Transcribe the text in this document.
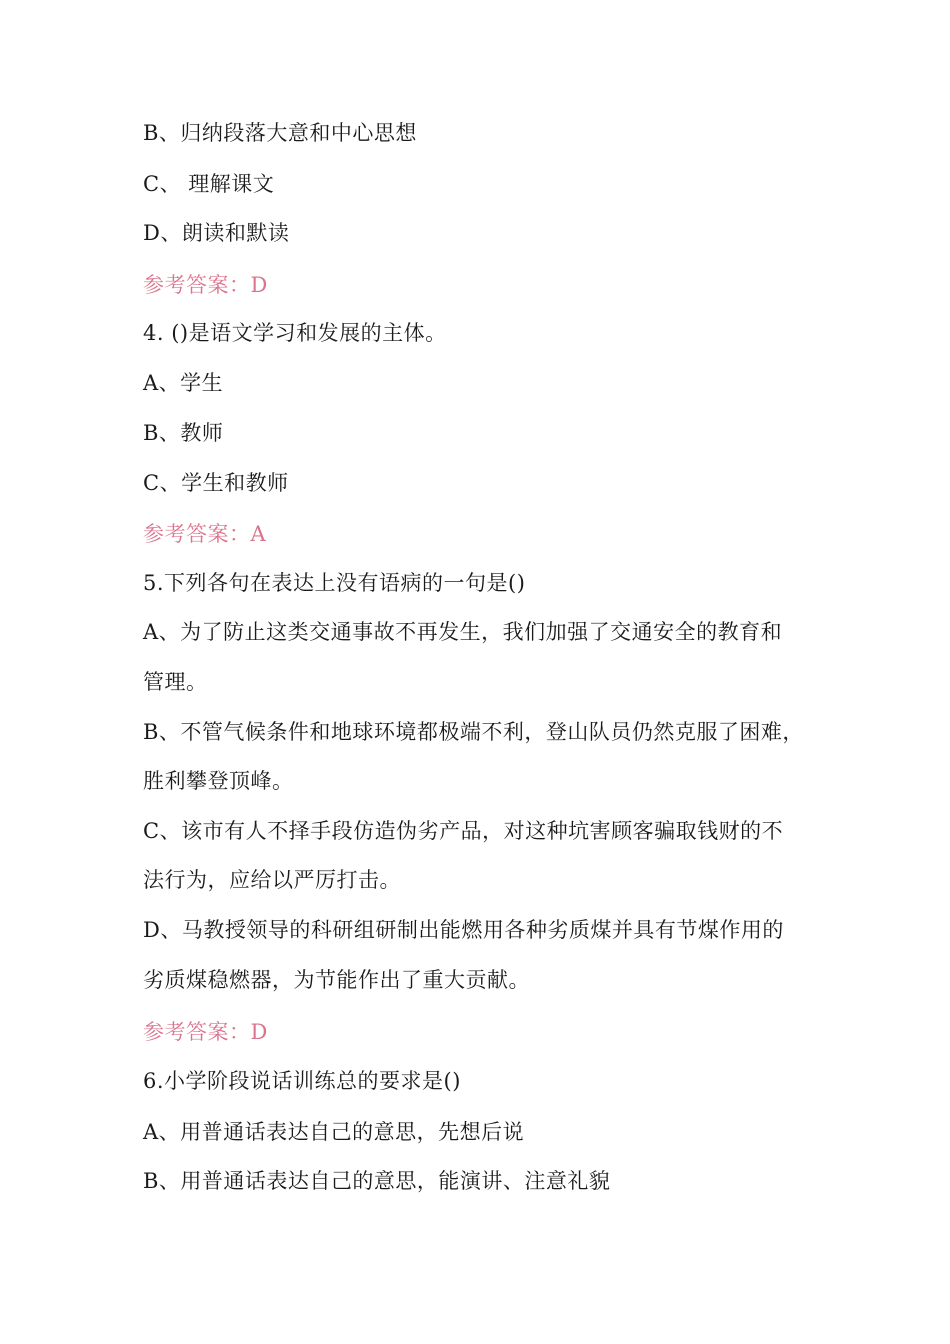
B、归纳段落大意和中心思想
C、 理解课文
D、朗读和默读
参考答案：D
4. ()是语文学习和发展的主体。
A、学生
B、教师
C、学生和教师
参考答案：A
5.下列各句在表达上没有语病的一句是()
A、为了防止这类交通事故不再发生，我们加强了交通安全的教育和
管理。
B、不管气候条件和地球环境都极端不利，登山队员仍然克服了困难，
胜利攀登顶峰。
C、该市有人不择手段仿造伪劣产品，对这种坑害顾客骗取钱财的不
法行为，应给以严厉打击。
D、马教授领导的科研组研制出能燃用各种劣质煤并具有节煤作用的
劣质煤稳燃器，为节能作出了重大贡献。
参考答案：D
6.小学阶段说话训练总的要求是()
A、用普通话表达自己的意思，先想后说
B、用普通话表达自己的意思，能演讲、注意礼貌
